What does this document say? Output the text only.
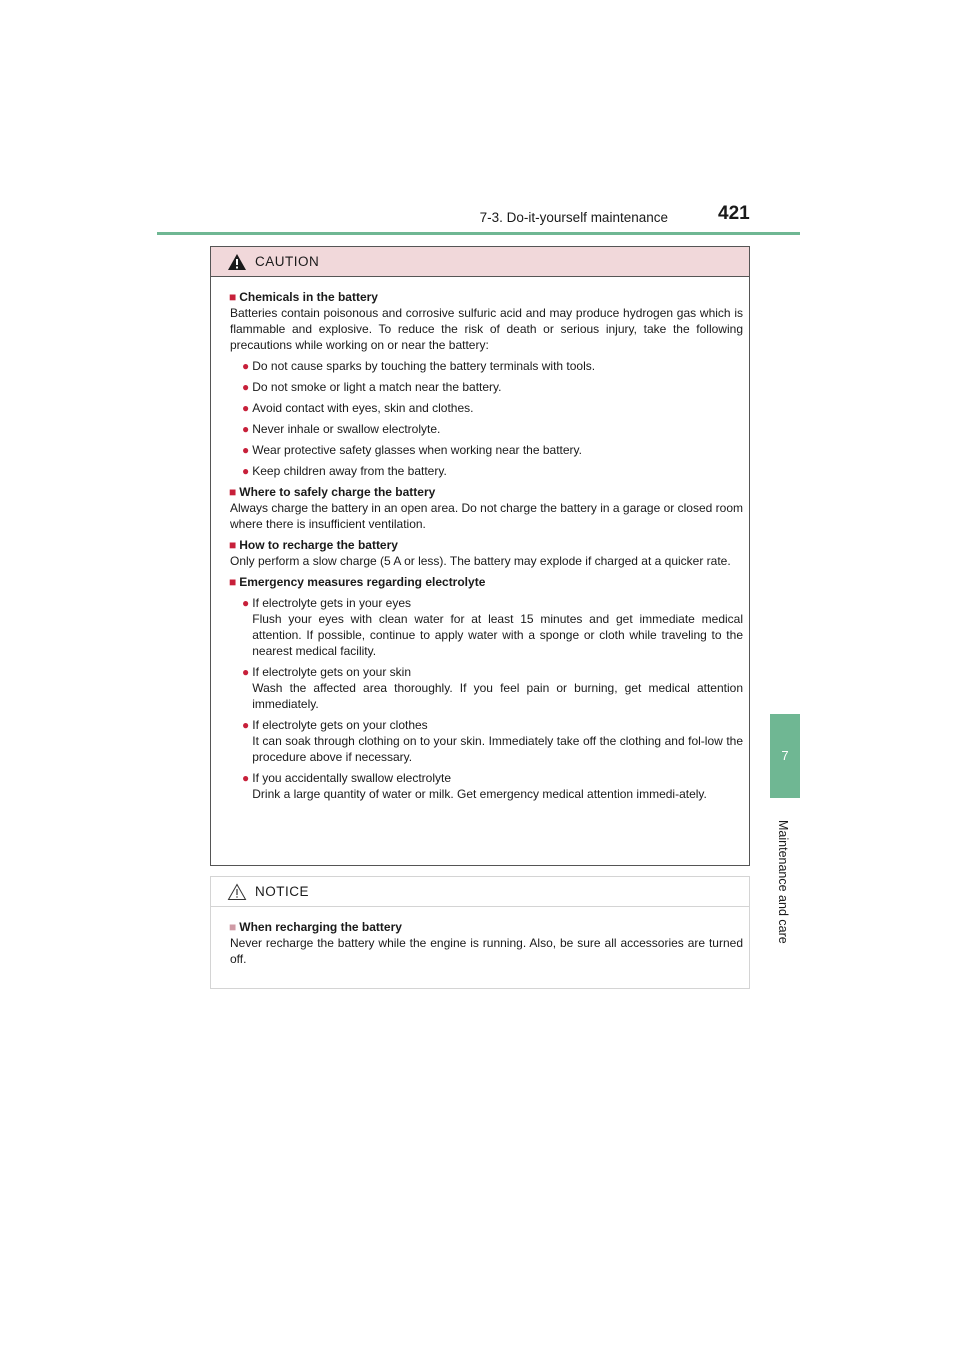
7-3. Do-it-yourself maintenance	421
7
Maintenance and care
CAUTION
■ Chemicals in the battery
Batteries contain poisonous and corrosive sulfuric acid and may produce hydrogen gas which is flammable and explosive. To reduce the risk of death or serious injury, take the following precautions while working on or near the battery:
● Do not cause sparks by touching the battery terminals with tools.
● Do not smoke or light a match near the battery.
● Avoid contact with eyes, skin and clothes.
● Never inhale or swallow electrolyte.
● Wear protective safety glasses when working near the battery.
● Keep children away from the battery.
■ Where to safely charge the battery
Always charge the battery in an open area. Do not charge the battery in a garage or closed room where there is insufficient ventilation.
■ How to recharge the battery
Only perform a slow charge (5 A or less). The battery may explode if charged at a quicker rate.
■ Emergency measures regarding electrolyte
● If electrolyte gets in your eyes
Flush your eyes with clean water for at least 15 minutes and get immediate medical attention. If possible, continue to apply water with a sponge or cloth while traveling to the nearest medical facility.
● If electrolyte gets on your skin
Wash the affected area thoroughly. If you feel pain or burning, get medical attention immediately.
● If electrolyte gets on your clothes
It can soak through clothing on to your skin. Immediately take off the clothing and fol-low the procedure above if necessary.
● If you accidentally swallow electrolyte
Drink a large quantity of water or milk. Get emergency medical attention immedi-ately.
NOTICE
■ When recharging the battery
Never recharge the battery while the engine is running. Also, be sure all accessories are turned off.
